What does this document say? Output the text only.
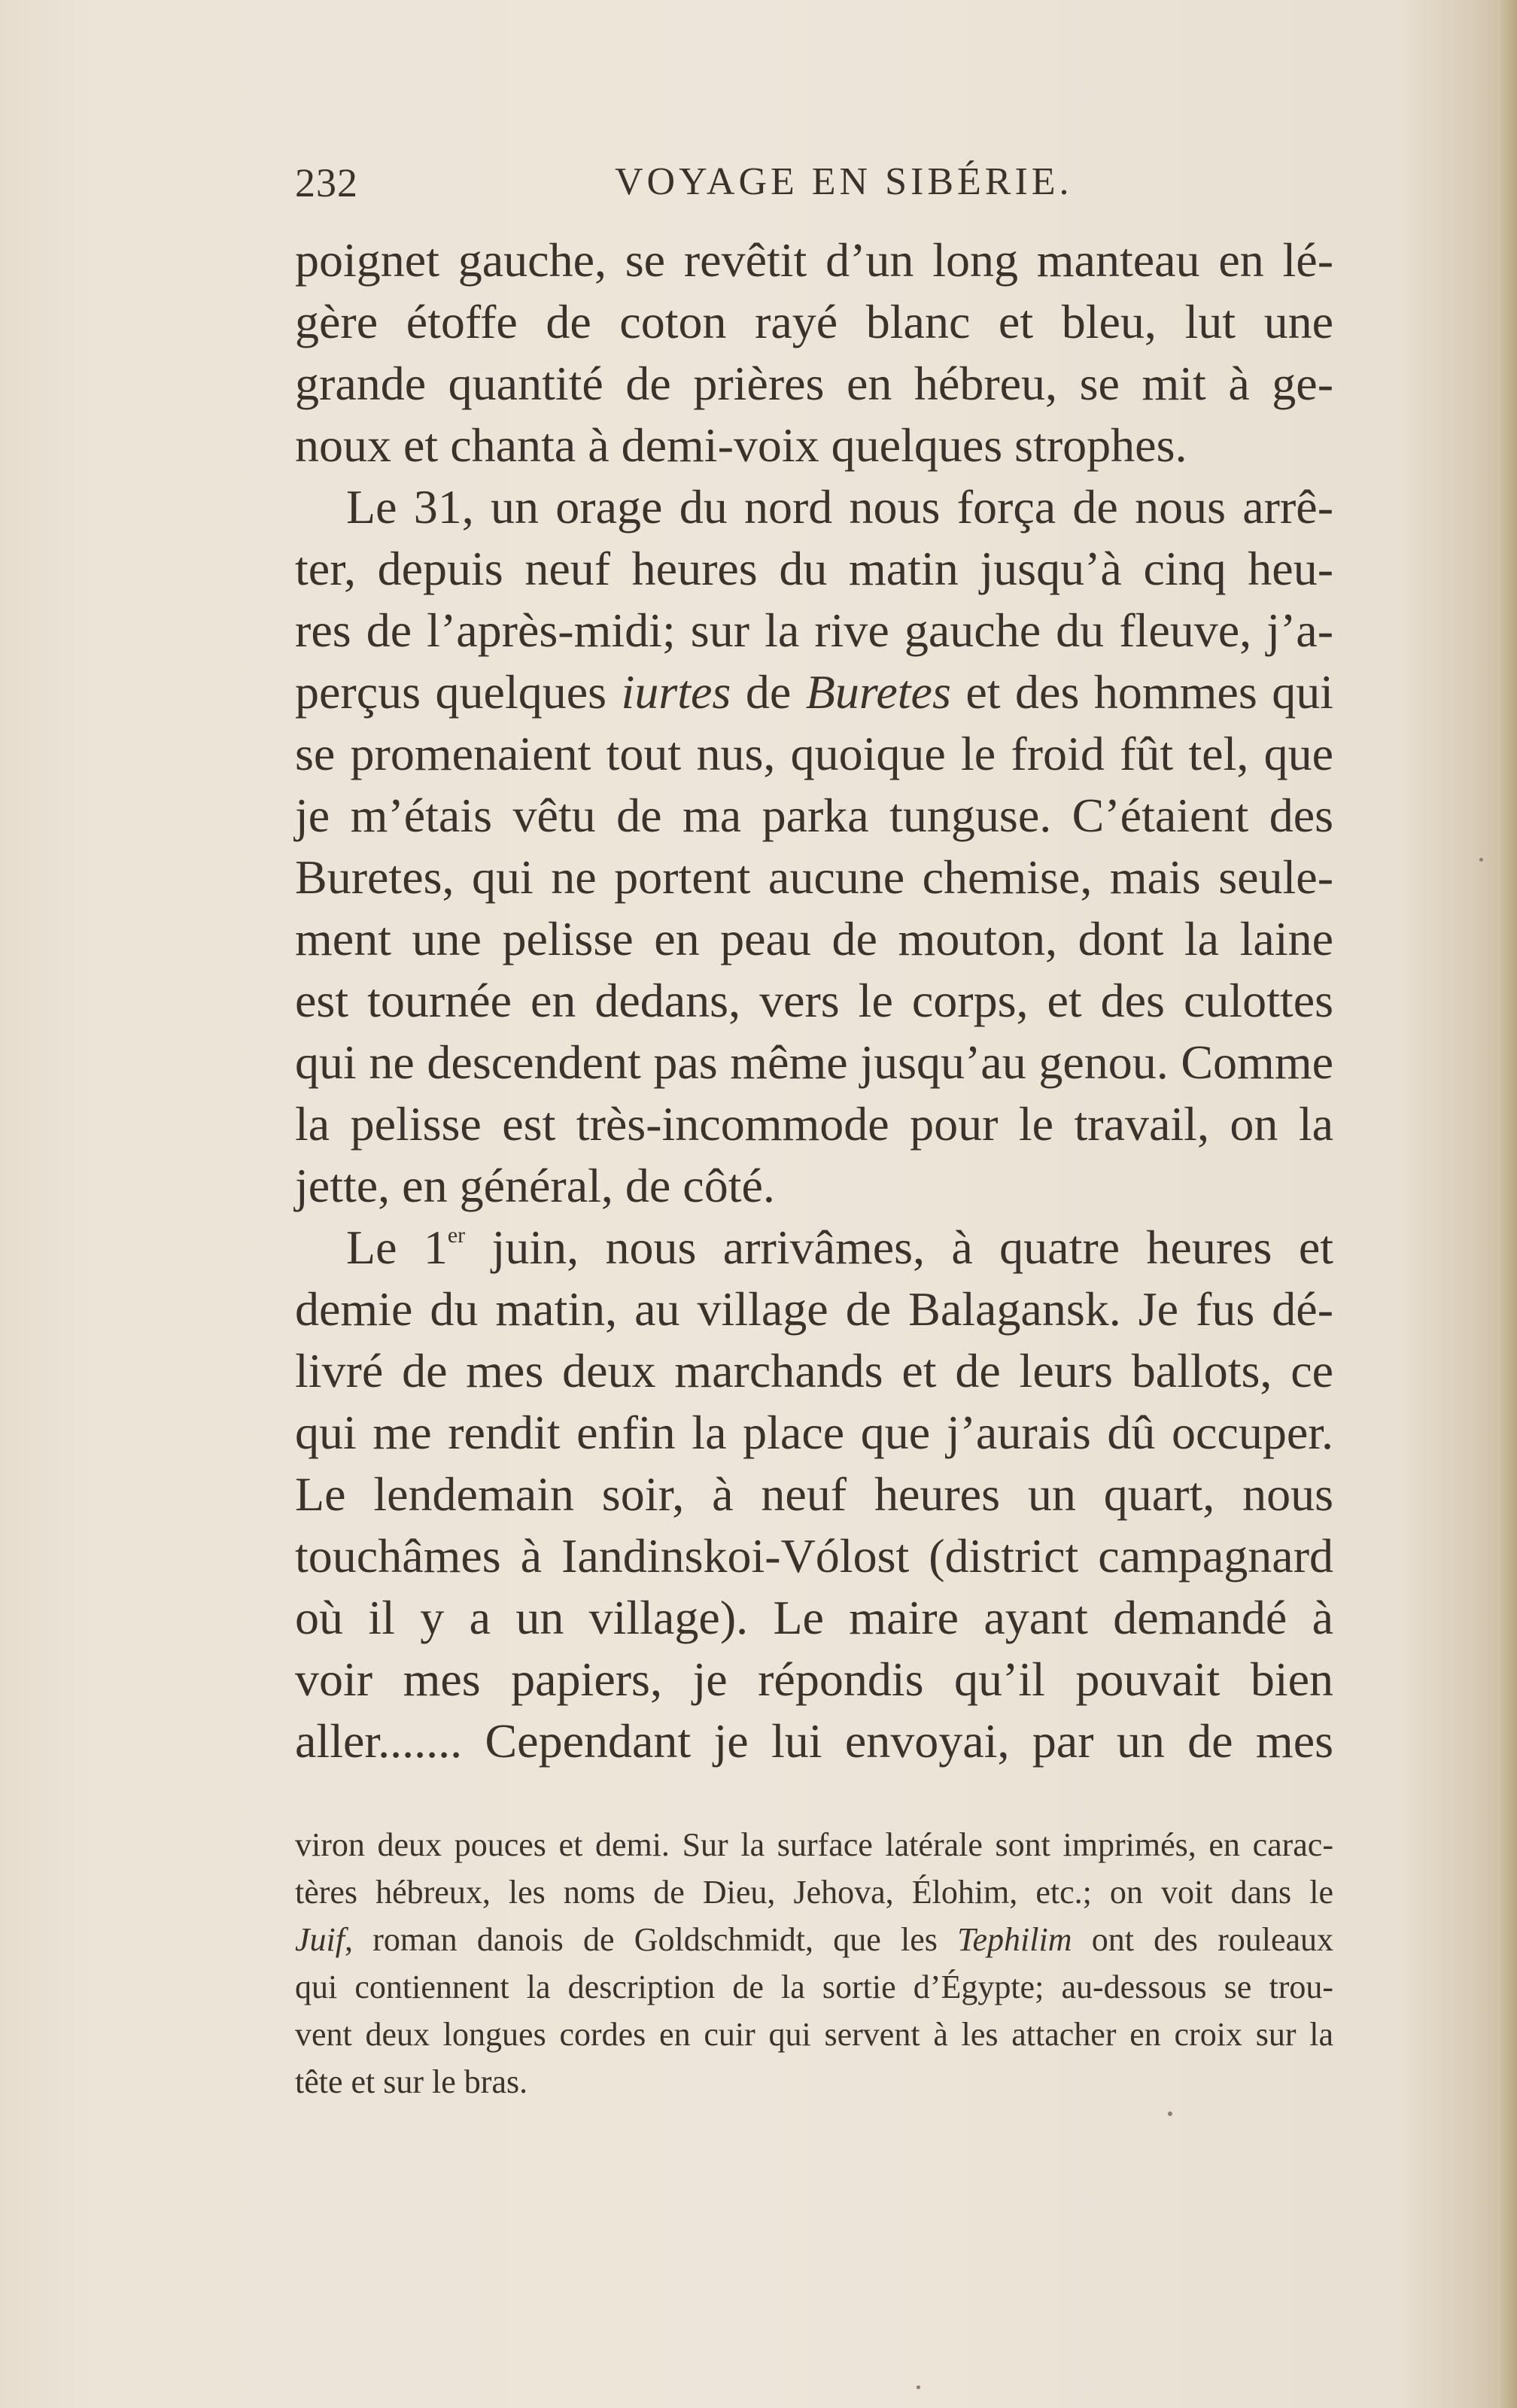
232	VOYAGE EN SIBÉRIE.
poignet gauche, se revêtit d’un long manteau en lé-
gère étoffe de coton rayé blanc et bleu, lut une
grande quantité de prières en hébreu, se mit à ge-
noux et chanta à demi-voix quelques strophes.
Le 31, un orage du nord nous força de nous arrê-
ter, depuis neuf heures du matin jusqu’à cinq heu-
res de l’après-midi; sur la rive gauche du fleuve, j’a-
perçus quelques iurtes de Buretes et des hommes qui
se promenaient tout nus, quoique le froid fût tel, que
je m’étais vêtu de ma parka tunguse. C’étaient des
Buretes, qui ne portent aucune chemise, mais seule-
ment une pelisse en peau de mouton, dont la laine
est tournée en dedans, vers le corps, et des culottes
qui ne descendent pas même jusqu’au genou. Comme
la pelisse est très-incommode pour le travail, on la
jette, en général, de côté.
Le 1er juin, nous arrivâmes, à quatre heures et
demie du matin, au village de Balagansk. Je fus dé-
livré de mes deux marchands et de leurs ballots, ce
qui me rendit enfin la place que j’aurais dû occuper.
Le lendemain soir, à neuf heures un quart, nous
touchâmes à Iandinskoi-Vólost (district campagnard
où il y a un village). Le maire ayant demandé à
voir mes papiers, je répondis qu’il pouvait bien
aller....... Cependant je lui envoyai, par un de mes
viron deux pouces et demi. Sur la surface latérale sont imprimés, en carac-
tères hébreux, les noms de Dieu, Jehova, Élohim, etc.; on voit dans le
Juif, roman danois de Goldschmidt, que les Tephilim ont des rouleaux
qui contiennent la description de la sortie d’Égypte; au-dessous se trou-
vent deux longues cordes en cuir qui servent à les attacher en croix sur la
tête et sur le bras.
